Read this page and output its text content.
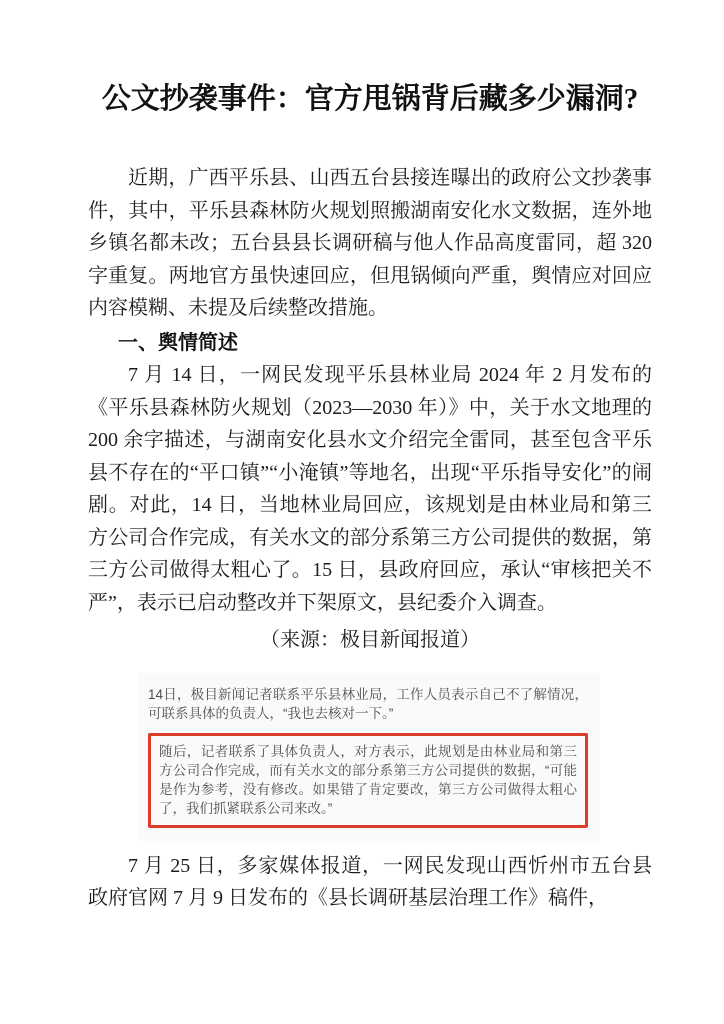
公文抄袭事件：官方甩锅背后藏多少漏洞?

近期，广西平乐县、山西五台县接连曝出的政府公文抄袭事件，其中，平乐县森林防火规划照搬湖南安化水文数据，连外地乡镇名都未改；五台县县长调研稿与他人作品高度雷同，超 320 字重复。两地官方虽快速回应，但甩锅倾向严重，舆情应对回应内容模糊、未提及后续整改措施。

一、舆情简述

7 月 14 日，一网民发现平乐县林业局 2024 年 2 月发布的《平乐县森林防火规划（2023—2030 年）》中，关于水文地理的 200 余字描述，与湖南安化县水文介绍完全雷同，甚至包含平乐县不存在的“平口镇”“小淹镇”等地名，出现“平乐指导安化”的闹剧。对此，14 日，当地林业局回应，该规划是由林业局和第三方公司合作完成，有关水文的部分系第三方公司提供的数据，第三方公司做得太粗心了。15 日，县政府回应，承认“审核把关不严”，表示已启动整改并下架原文，县纪委介入调查。

（来源：极目新闻报道）

14日，极目新闻记者联系平乐县林业局，工作人员表示自己不了解情况，可联系具体的负责人，“我也去核对一下。”

随后，记者联系了具体负责人，对方表示，此规划是由林业局和第三方公司合作完成，而有关水文的部分系第三方公司提供的数据，“可能是作为参考，没有修改。如果错了肯定要改，第三方公司做得太粗心了，我们抓紧联系公司来改。”

7 月 25 日，多家媒体报道，一网民发现山西忻州市五台县政府官网 7 月 9 日发布的《县长调研基层治理工作》稿件，
